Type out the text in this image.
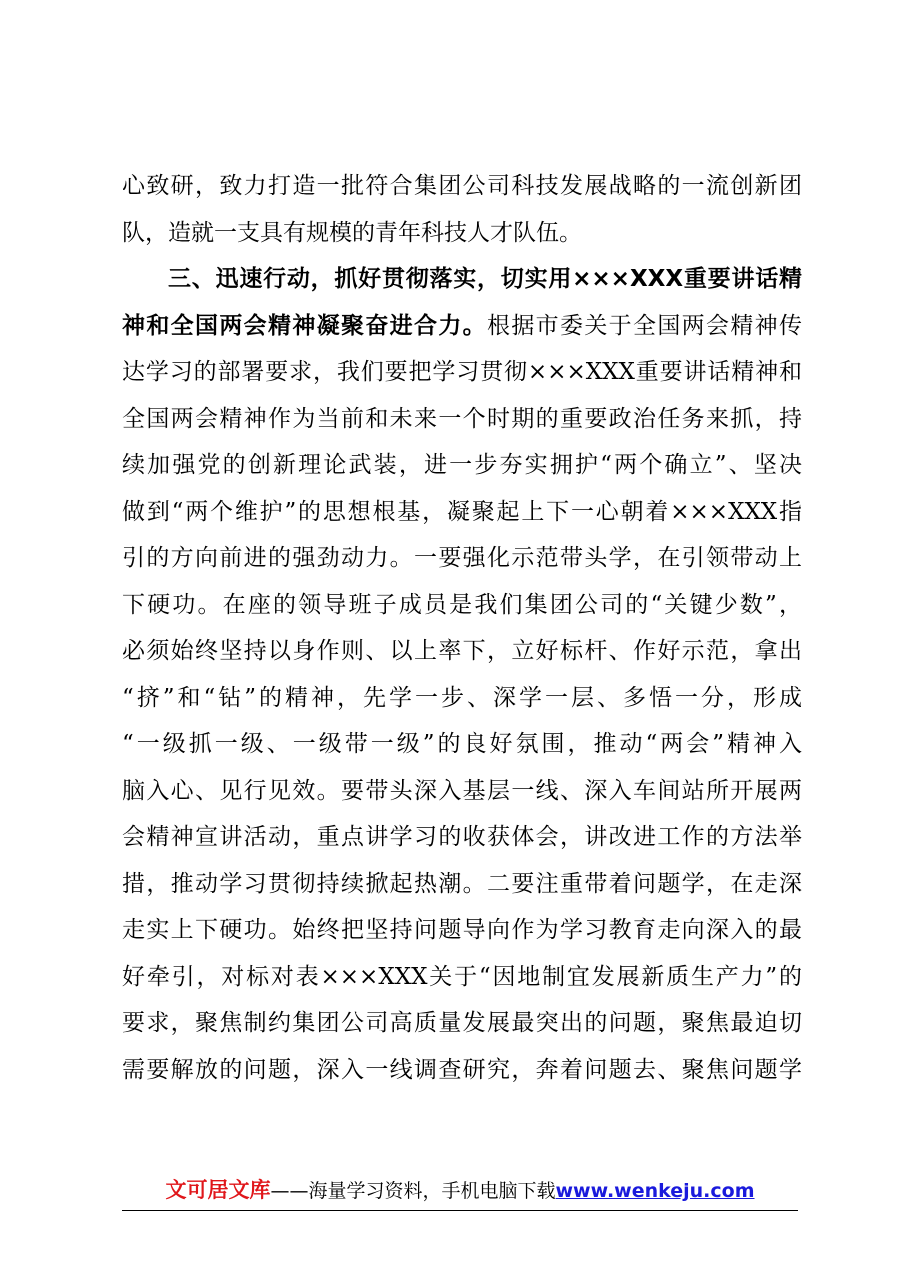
心致研，致力打造一批符合集团公司科技发展战略的一流创新团
队，造就一支具有规模的青年科技人才队伍。
三、迅速行动，抓好贯彻落实，切实用×××XXX重要讲话精
神和全国两会精神凝聚奋进合力。根据市委关于全国两会精神传
达学习的部署要求，我们要把学习贯彻×××XXX重要讲话精神和
全国两会精神作为当前和未来一个时期的重要政治任务来抓，持
续加强党的创新理论武装，进一步夯实拥护“两个确立”、坚决
做到“两个维护”的思想根基，凝聚起上下一心朝着×××XXX指
引的方向前进的强劲动力。一要强化示范带头学，在引领带动上
下硬功。在座的领导班子成员是我们集团公司的“关键少数”，
必须始终坚持以身作则、以上率下，立好标杆、作好示范，拿出
“挤”和“钻”的精神，先学一步、深学一层、多悟一分，形成
“一级抓一级、一级带一级”的良好氛围，推动“两会”精神入
脑入心、见行见效。要带头深入基层一线、深入车间站所开展两
会精神宣讲活动，重点讲学习的收获体会，讲改进工作的方法举
措，推动学习贯彻持续掀起热潮。二要注重带着问题学，在走深
走实上下硬功。始终把坚持问题导向作为学习教育走向深入的最
好牵引，对标对表×××XXX关于“因地制宜发展新质生产力”的
要求，聚焦制约集团公司高质量发展最突出的问题，聚焦最迫切
需要解放的问题，深入一线调查研究，奔着问题去、聚焦问题学
文可居文库——海量学习资料，手机电脑下载www.wenkeju.com
